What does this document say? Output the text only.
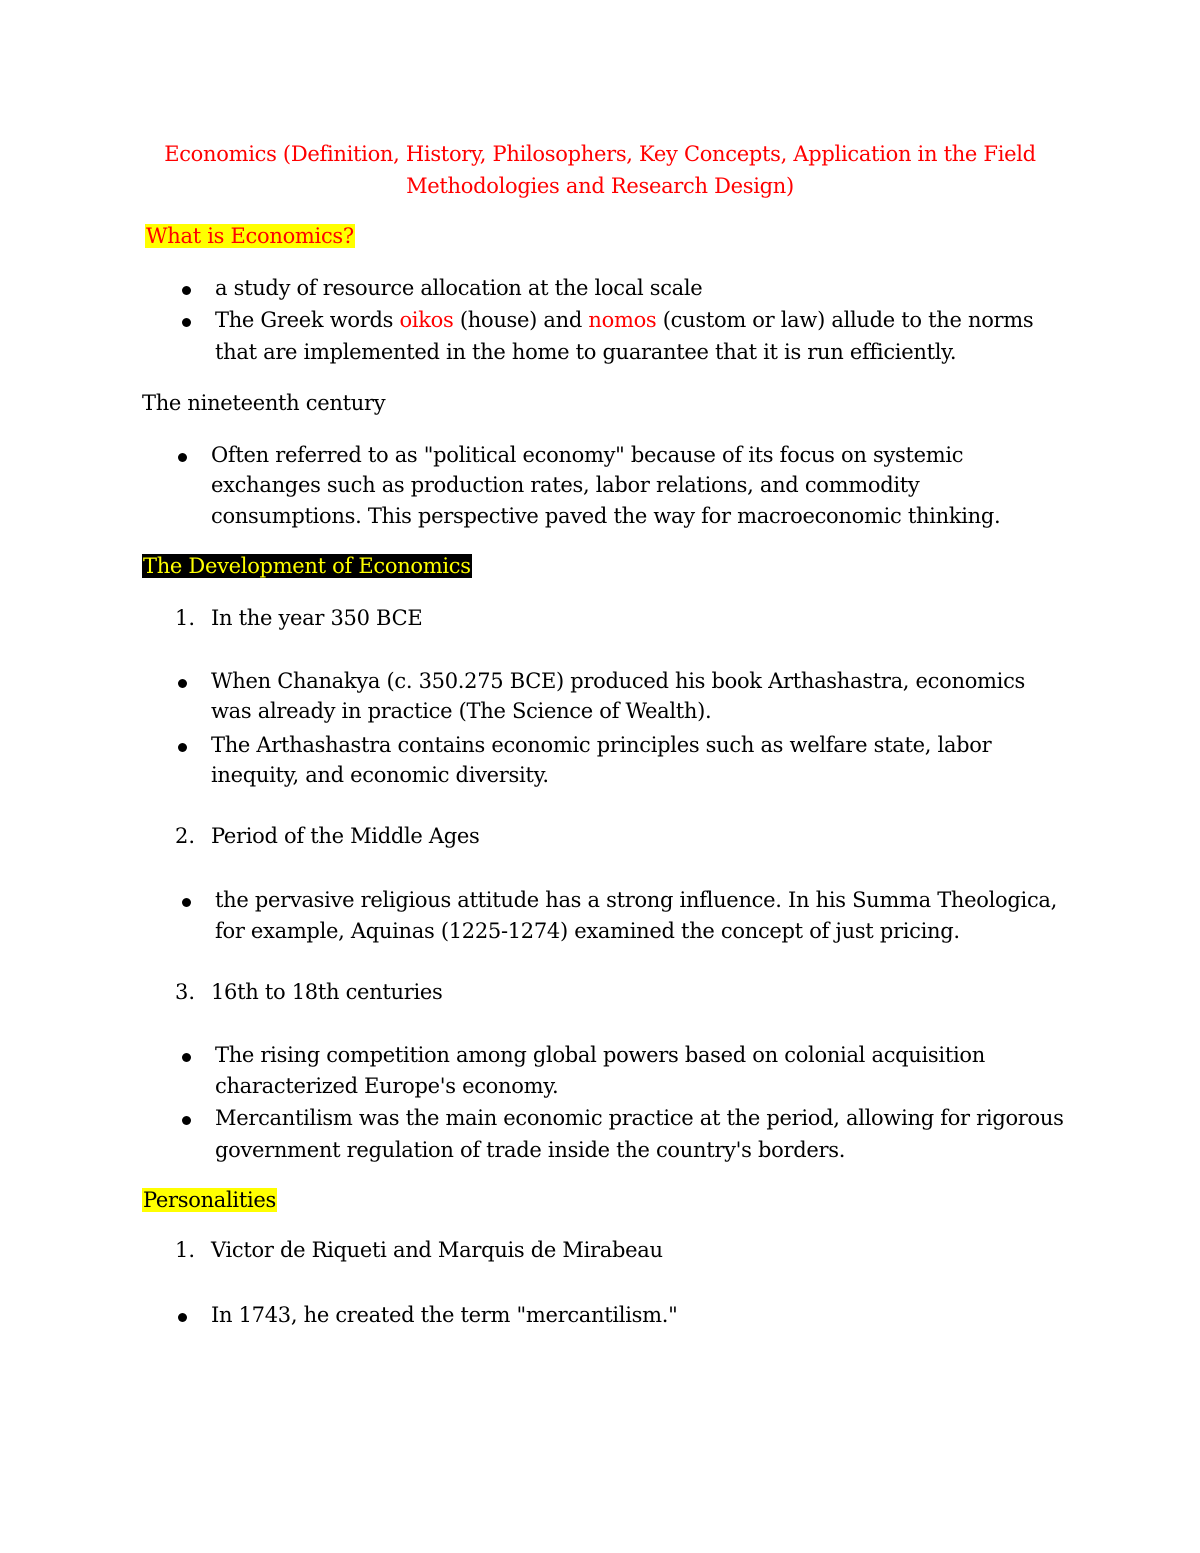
Economics (Definition, History, Philosophers, Key Concepts, Application in the Field
Methodologies and Research Design)
What is Economics?
a study of resource allocation at the local scale
The Greek words oikos (house) and nomos (custom or law) allude to the norms
that are implemented in the home to guarantee that it is run efficiently.
The nineteenth century
Often referred to as "political economy" because of its focus on systemic
exchanges such as production rates, labor relations, and commodity
consumptions. This perspective paved the way for macroeconomic thinking.
The Development of Economics
1. In the year 350 BCE
When Chanakya (c. 350.275 BCE) produced his book Arthashastra, economics
was already in practice (The Science of Wealth).
The Arthashastra contains economic principles such as welfare state, labor
inequity, and economic diversity.
2. Period of the Middle Ages
the pervasive religious attitude has a strong influence. In his Summa Theologica,
for example, Aquinas (1225-1274) examined the concept of just pricing.
3. 16th to 18th centuries
The rising competition among global powers based on colonial acquisition
characterized Europe's economy.
Mercantilism was the main economic practice at the period, allowing for rigorous
government regulation of trade inside the country's borders.
Personalities
1. Victor de Riqueti and Marquis de Mirabeau
In 1743, he created the term "mercantilism."
